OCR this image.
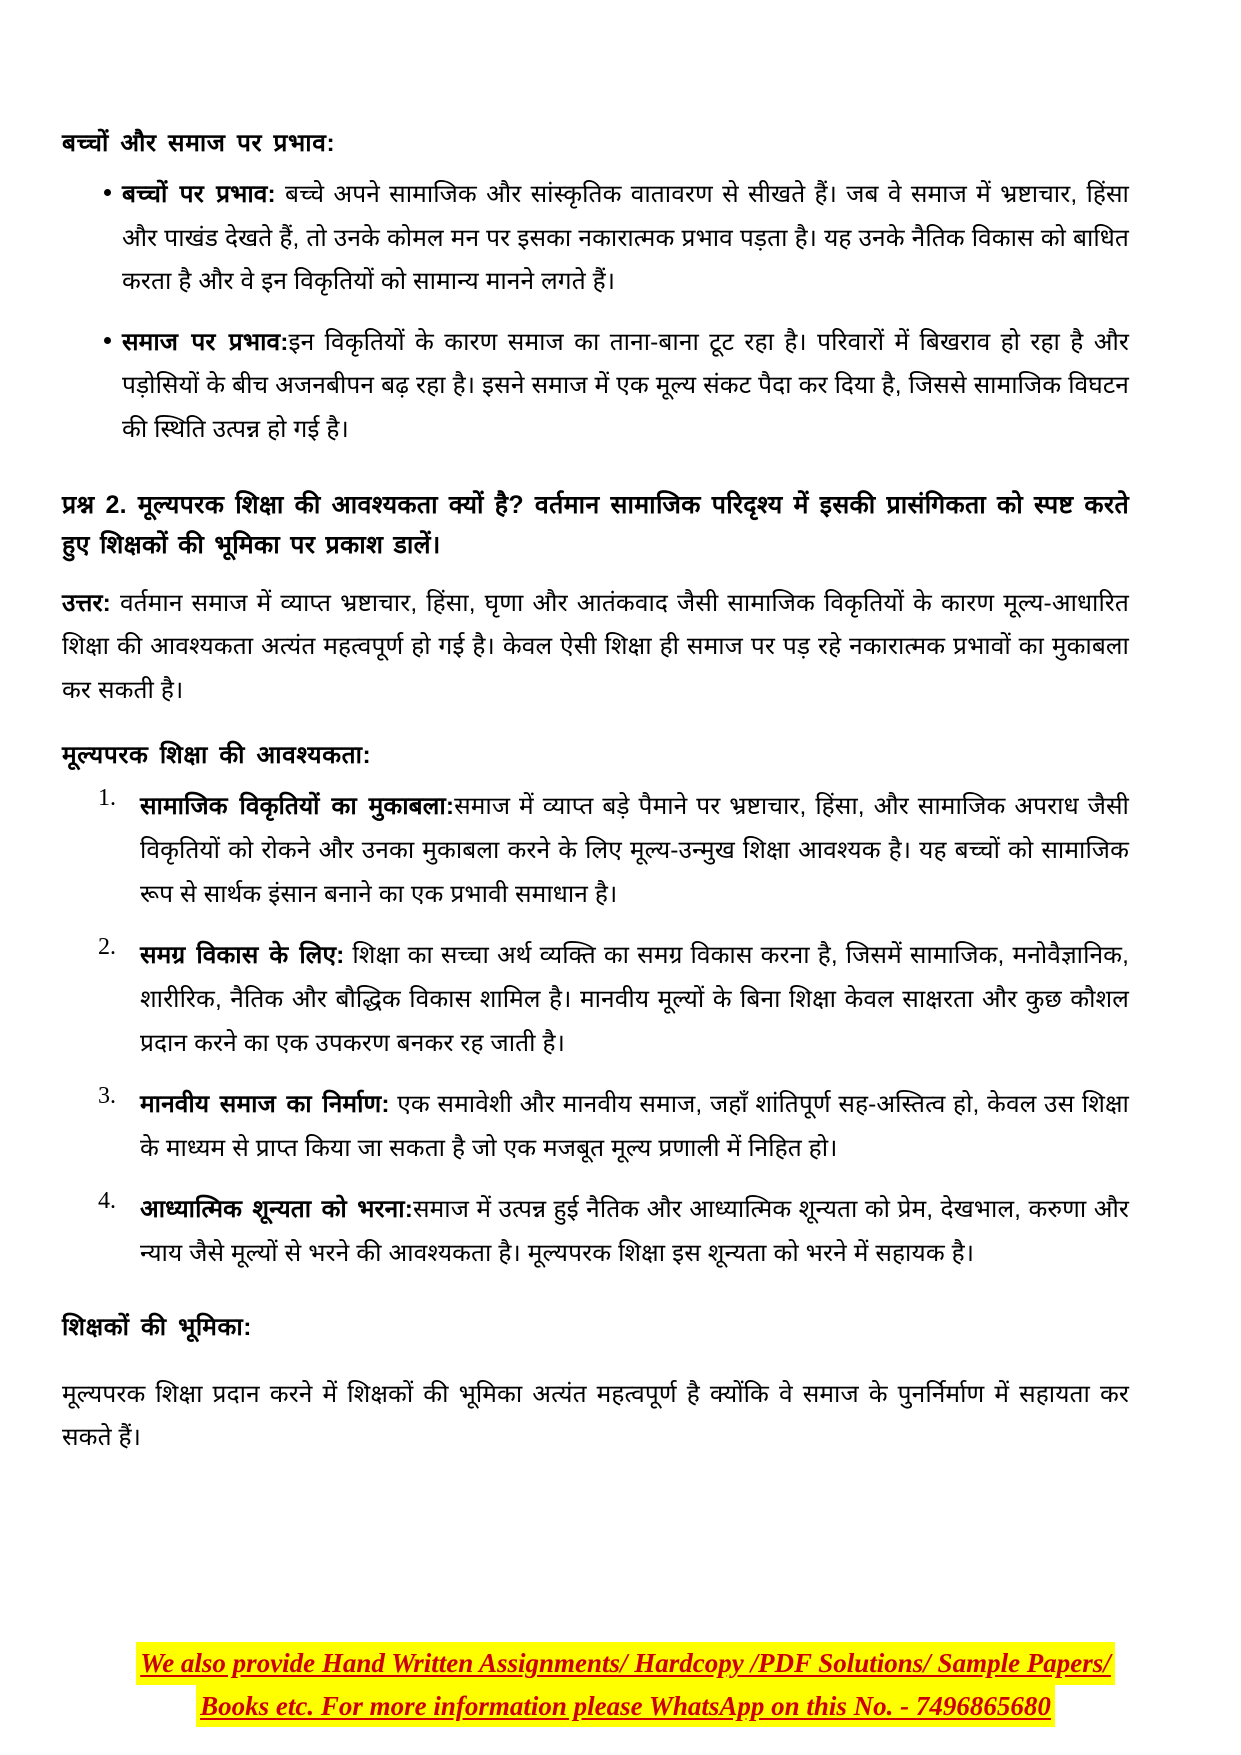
बच्चों और समाज पर प्रभाव:
बच्चों पर प्रभाव: बच्चे अपने सामाजिक और सांस्कृतिक वातावरण से सीखते हैं। जब वे समाज में भ्रष्टाचार, हिंसा और पाखंड देखते हैं, तो उनके कोमल मन पर इसका नकारात्मक प्रभाव पड़ता है। यह उनके नैतिक विकास को बाधित करता है और वे इन विकृतियों को सामान्य मानने लगते हैं।
समाज पर प्रभाव:इन विकृतियों के कारण समाज का ताना-बाना टूट रहा है। परिवारों में बिखराव हो रहा है और पड़ोसियों के बीच अजनबीपन बढ़ रहा है। इसने समाज में एक मूल्य संकट पैदा कर दिया है, जिससे सामाजिक विघटन की स्थिति उत्पन्न हो गई है।
प्रश्न 2. मूल्यपरक शिक्षा की आवश्यकता क्यों है? वर्तमान सामाजिक परिदृश्य में इसकी प्रासंगिकता को स्पष्ट करते हुए शिक्षकों की भूमिका पर प्रकाश डालें।
उत्तर: वर्तमान समाज में व्याप्त भ्रष्टाचार, हिंसा, घृणा और आतंकवाद जैसी सामाजिक विकृतियों के कारण मूल्य-आधारित शिक्षा की आवश्यकता अत्यंत महत्वपूर्ण हो गई है। केवल ऐसी शिक्षा ही समाज पर पड़ रहे नकारात्मक प्रभावों का मुकाबला कर सकती है।
मूल्यपरक शिक्षा की आवश्यकता:
1. सामाजिक विकृतियों का मुकाबला:समाज में व्याप्त बड़े पैमाने पर भ्रष्टाचार, हिंसा, और सामाजिक अपराध जैसी विकृतियों को रोकने और उनका मुकाबला करने के लिए मूल्य-उन्मुख शिक्षा आवश्यक है। यह बच्चों को सामाजिक रूप से सार्थक इंसान बनाने का एक प्रभावी समाधान है।
2. समग्र विकास के लिए: शिक्षा का सच्चा अर्थ व्यक्ति का समग्र विकास करना है, जिसमें सामाजिक, मनोवैज्ञानिक, शारीरिक, नैतिक और बौद्धिक विकास शामिल है। मानवीय मूल्यों के बिना शिक्षा केवल साक्षरता और कुछ कौशल प्रदान करने का एक उपकरण बनकर रह जाती है।
3. मानवीय समाज का निर्माण: एक समावेशी और मानवीय समाज, जहाँ शांतिपूर्ण सह-अस्तित्व हो, केवल उस शिक्षा के माध्यम से प्राप्त किया जा सकता है जो एक मजबूत मूल्य प्रणाली में निहित हो।
4. आध्यात्मिक शून्यता को भरना:समाज में उत्पन्न हुई नैतिक और आध्यात्मिक शून्यता को प्रेम, देखभाल, करुणा और न्याय जैसे मूल्यों से भरने की आवश्यकता है। मूल्यपरक शिक्षा इस शून्यता को भरने में सहायक है।
शिक्षकों की भूमिका:
मूल्यपरक शिक्षा प्रदान करने में शिक्षकों की भूमिका अत्यंत महत्वपूर्ण है क्योंकि वे समाज के पुनर्निर्माण में सहायता कर सकते हैं।
We also provide Hand Written Assignments/ Hardcopy /PDF Solutions/ Sample Papers/
Books etc. For more information please WhatsApp on this No. - 7496865680
